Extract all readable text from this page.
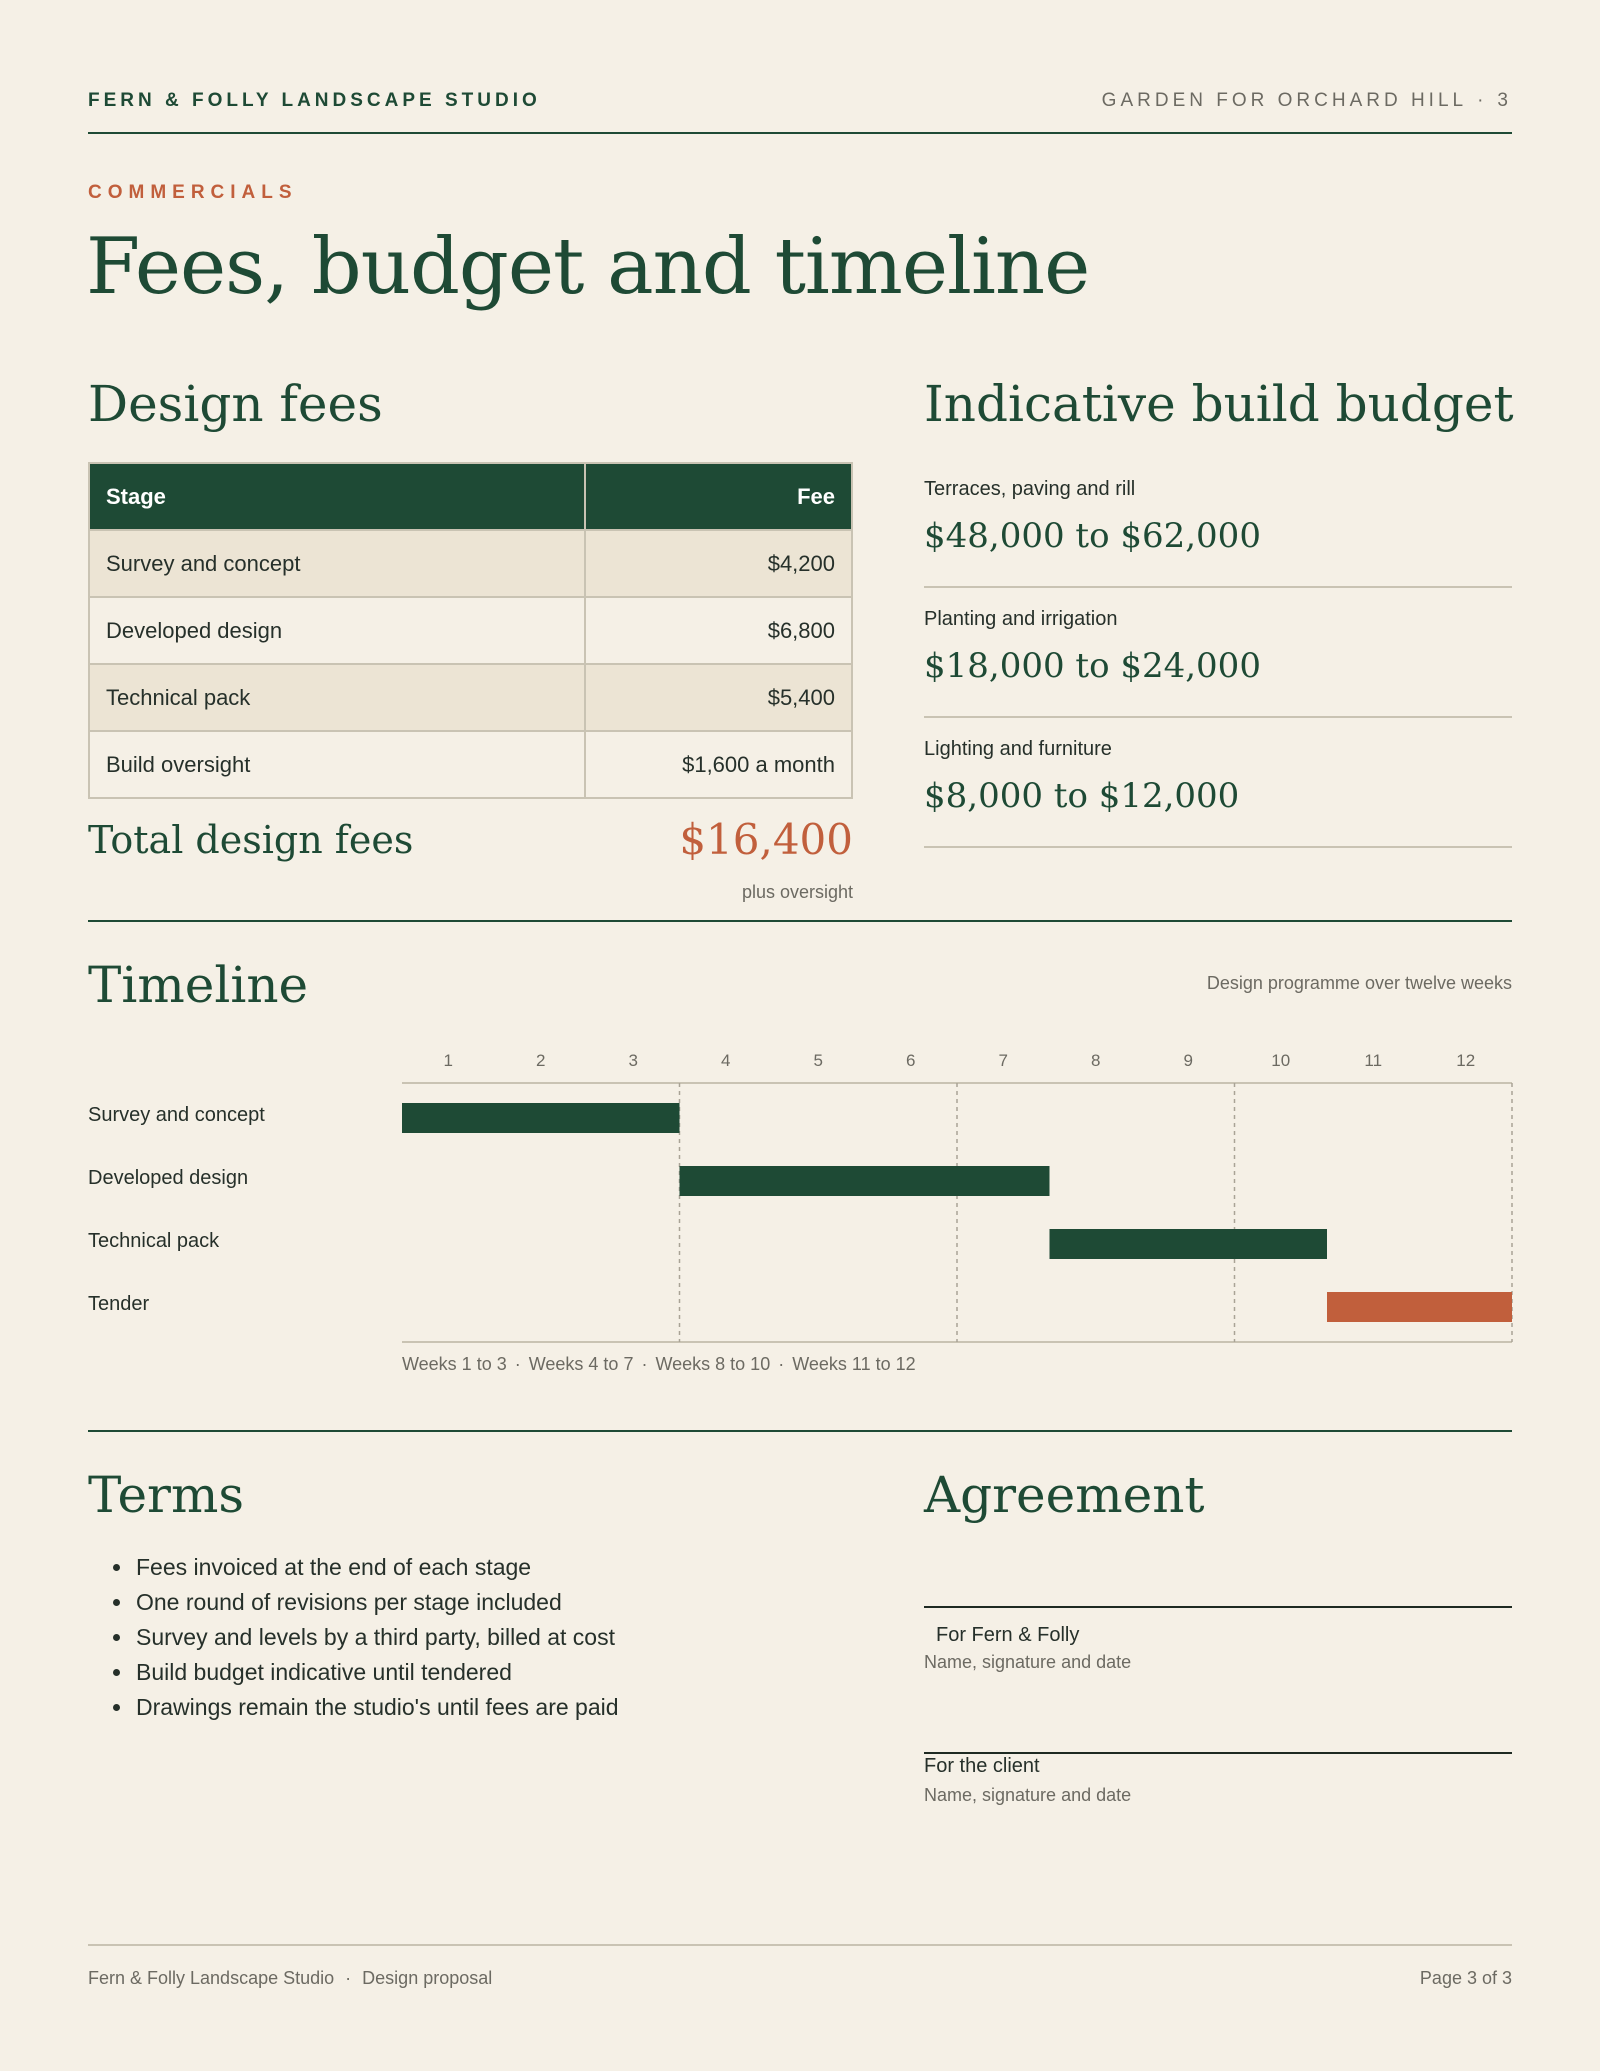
FERN & FOLLY LANDSCAPE STUDIO	GARDEN FOR ORCHARD HILL · 3
COMMERCIALS
Fees, budget and timeline
Design fees
Stage	Fee
Survey and concept	$4,200
Developed design	$6,800
Technical pack	$5,400
Build oversight	$1,600 a month
Total design fees	$16,400
plus oversight
Indicative build budget
Terraces, paving and rill
$48,000 to $62,000
Planting and irrigation
$18,000 to $24,000
Lighting and furniture
$8,000 to $12,000
Timeline	Design programme over twelve weeks
1	2	3	4	5	6	7	8	9	10	11	12
Survey and concept
Developed design
Technical pack
Tender
Weeks 1 to 3 · Weeks 4 to 7 · Weeks 8 to 10 · Weeks 11 to 12
Terms
• Fees invoiced at the end of each stage
• One round of revisions per stage included
• Survey and levels by a third party, billed at cost
• Build budget indicative until tendered
• Drawings remain the studio's until fees are paid
Agreement
For Fern & Folly
Name, signature and date
For the client
Name, signature and date
Fern & Folly Landscape Studio · Design proposal	Page 3 of 3
